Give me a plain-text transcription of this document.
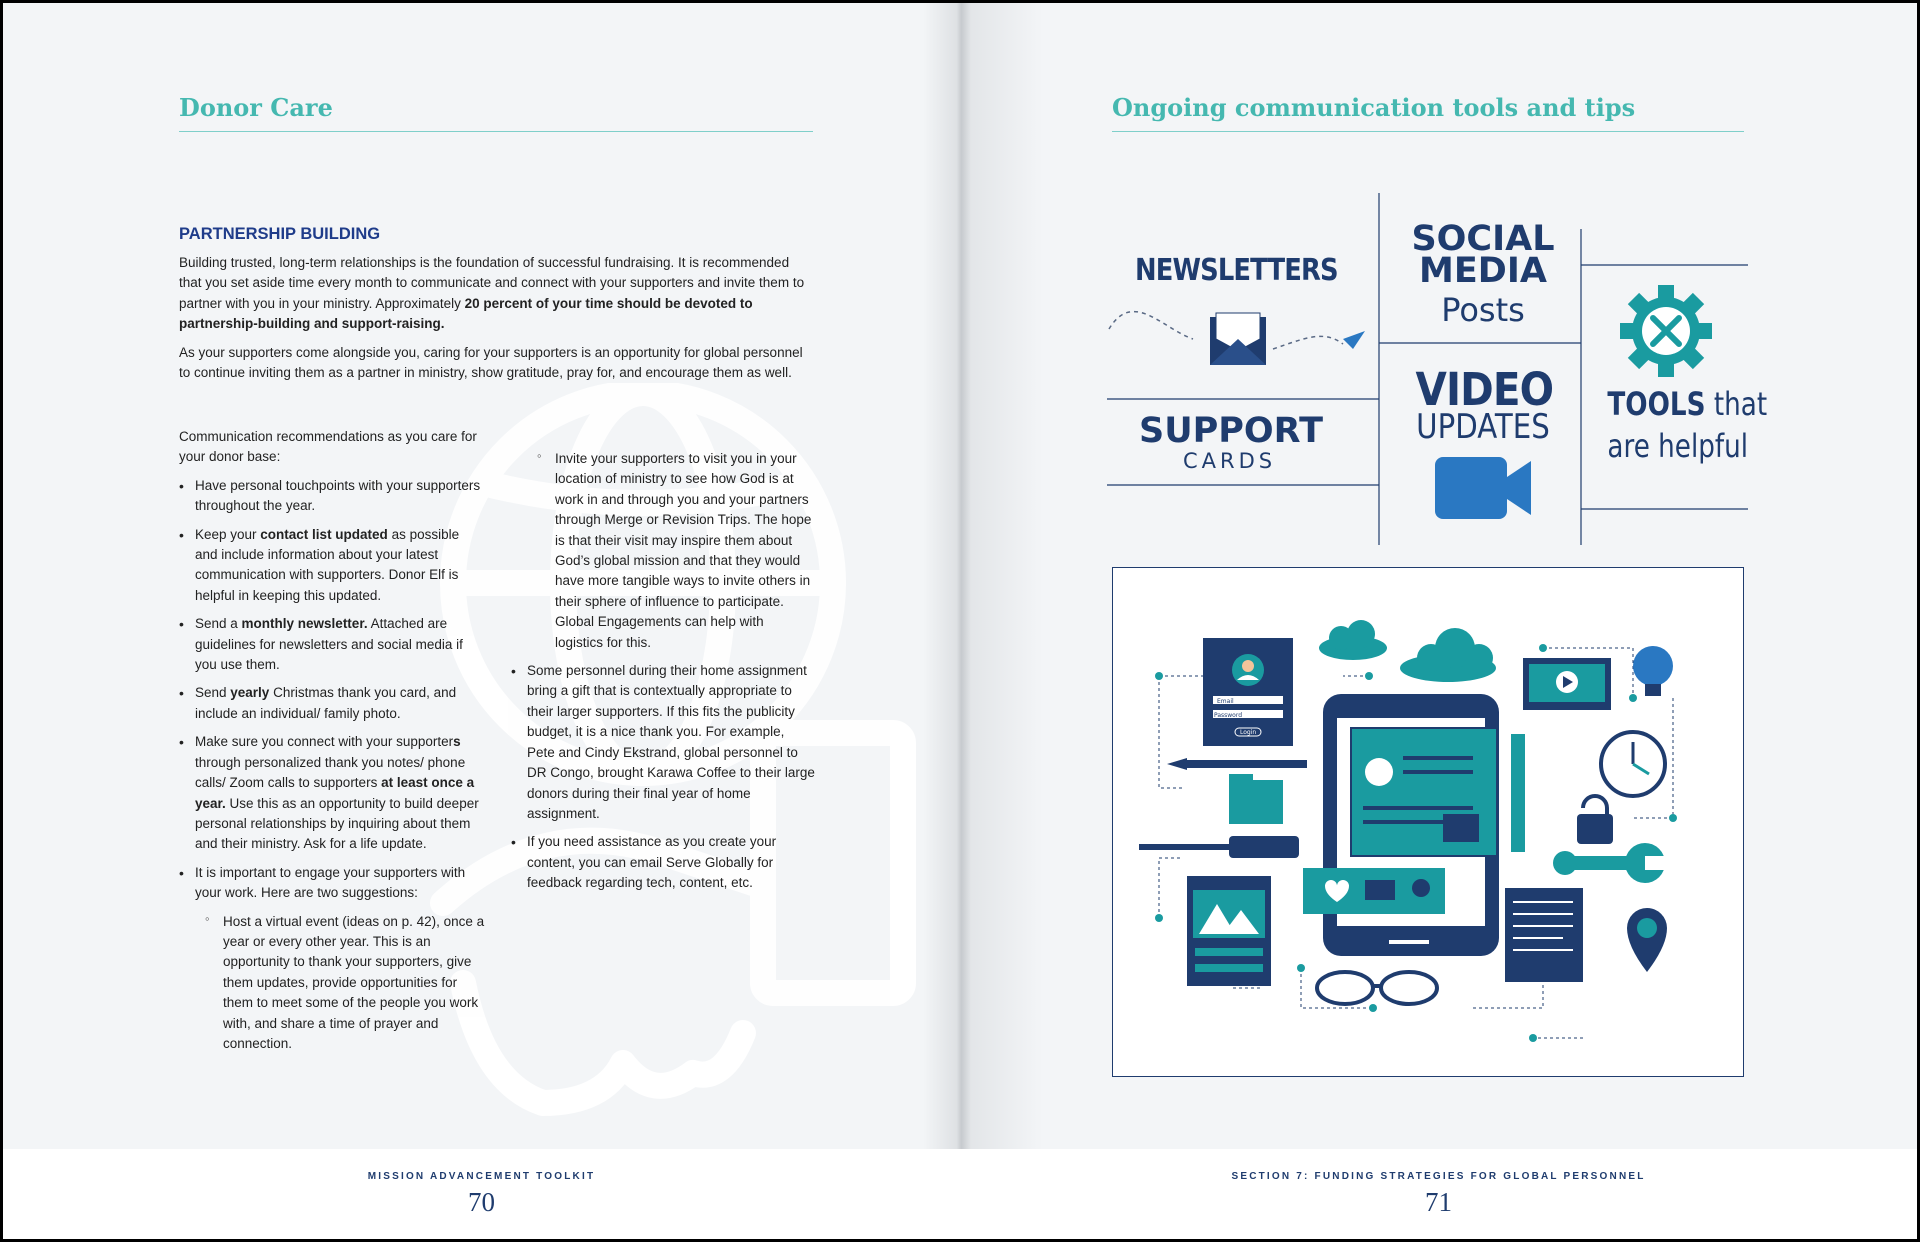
Donor Care
PARTNERSHIP BUILDING
Building trusted, long-term relationships is the foundation of successful fundraising. It is recommended that you set aside time every month to communicate and connect with your supporters and invite them to partner with you in your ministry. Approximately 20 percent of your time should be devoted to partnership-building and support-raising.
As your supporters come alongside you, caring for your supporters is an opportunity for global personnel to continue inviting them as a partner in ministry, show gratitude, pray for, and encourage them as well.

Communication recommendations as you care for your donor base:

• Have personal touchpoints with your supporters throughout the year.
• Keep your contact list updated as possible and include information about your latest communication with supporters. Donor Elf is helpful in keeping this updated.
• Send a monthly newsletter. Attached are guidelines for newsletters and social media if you use them.
• Send yearly Christmas thank you card, and include an individual/ family photo.
• Make sure you connect with your supporters through personalized thank you notes/ phone calls/ Zoom calls to supporters at least once a year. Use this as an opportunity to build deeper personal relationships by inquiring about them and their ministry. Ask for a life update.
• It is important to engage your supporters with your work. Here are two suggestions:
◦ Host a virtual event (ideas on p. 42), once a year or every other year. This is an opportunity to thank your supporters, give them updates, provide opportunities for them to meet some of the people you work with, and share a time of prayer and connection.
◦ Invite your supporters to visit you in your location of ministry to see how God is at work in and through you and your partners through Merge or Revision Trips. The hope is that their visit may inspire them about God’s global mission and that they would have more tangible ways to invite others in their sphere of influence to participate. Global Engagements can help with logistics for this.
• Some personnel during their home assignment bring a gift that is contextually appropriate to their larger supporters. If this fits the publicity budget, it is a nice thank you. For example, Pete and Cindy Ekstrand, global personnel to DR Congo, brought Karawa Coffee to their large donors during their final year of home assignment.
• If you need assistance as you create your content, you can email Serve Globally for feedback regarding tech, content, etc.
MISSION ADVANCEMENT TOOLKIT
70
Ongoing communication tools and tips
SECTION 7: FUNDING STRATEGIES FOR GLOBAL PERSONNEL
71
NEWSLETTERS
SOCIAL
MEDIA
Posts
SUPPORT
CARDS
VIDEO
UPDATES
TOOLS that
are helpful
Email
Password
Login
